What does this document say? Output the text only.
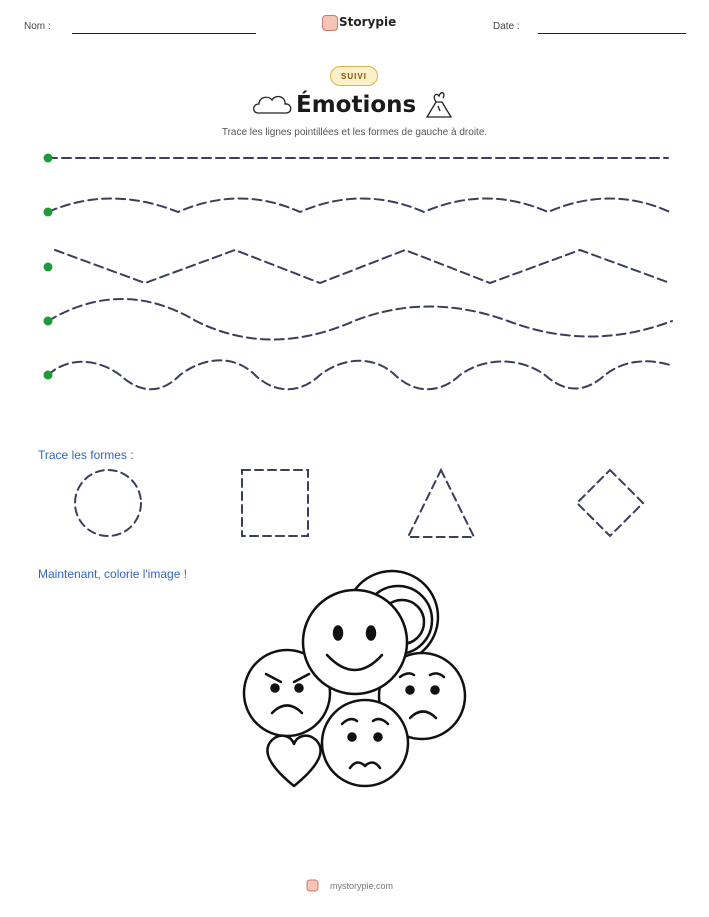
Nom :	Storypie	Date :
SUIVI
Émotions
Trace les lignes pointillées et les formes de gauche à droite.
Trace les formes :
Maintenant, colorie l'image !
mystorypie.com
